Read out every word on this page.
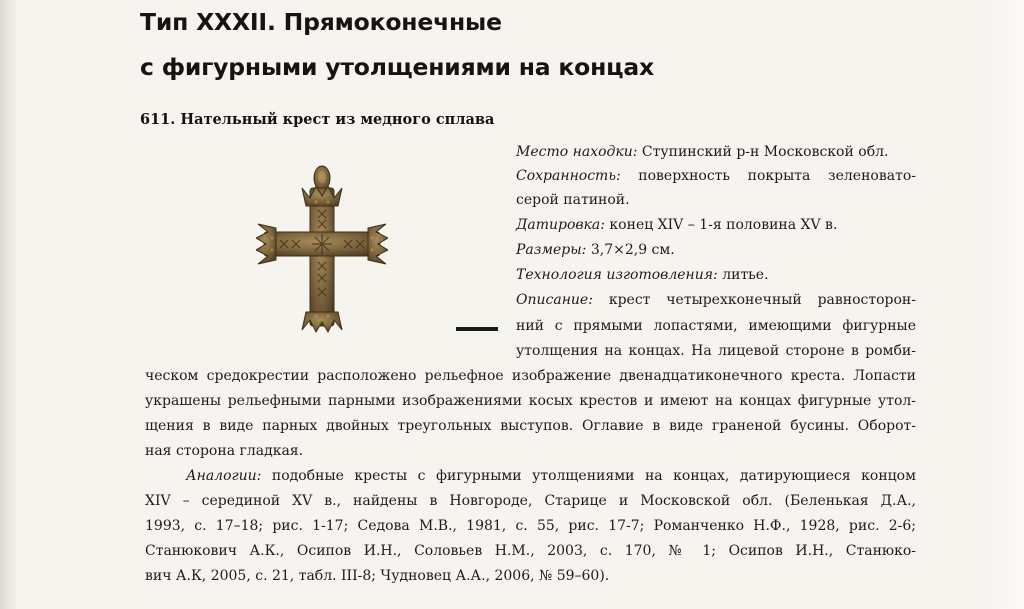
Тип XXXII. Прямоконечные
с фигурными утолщениями на концах
611. Нательный крест из медного сплава
Место находки: Ступинский р-н Московской обл.
Сохранность: поверхность покрыта зеленовато-
серой патиной.
Датировка: конец XIV – 1-я половина XV в.
Размеры: 3,7×2,9 см.
Технология изготовления: литье.
Описание: крест четырехконечный равносторон-
ний с прямыми лопастями, имеющими фигурные
утолщения на концах. На лицевой стороне в ромби-
ческом средокрестии расположено рельефное изображение двенадцатиконечного креста. Лопасти
украшены рельефными парными изображениями косых крестов и имеют на концах фигурные утол-
щения в виде парных двойных треугольных выступов. Оглавие в виде граненой бусины. Оборот-
ная сторона гладкая.
Аналогии: подобные кресты с фигурными утолщениями на концах, датирующиеся концом
XIV – серединой XV в., найдены в Новгороде, Старице и Московской обл. (Беленькая Д.А.,
1993, с. 17–18; рис. 1-17; Седова М.В., 1981, с. 55, рис. 17-7; Романченко Н.Ф., 1928, рис. 2-6;
Станюкович А.К., Осипов И.Н., Соловьев Н.М., 2003, с. 170, № 1; Осипов И.Н., Станюко-
вич А.К, 2005, с. 21, табл. III-8; Чудновец А.А., 2006, № 59–60).
